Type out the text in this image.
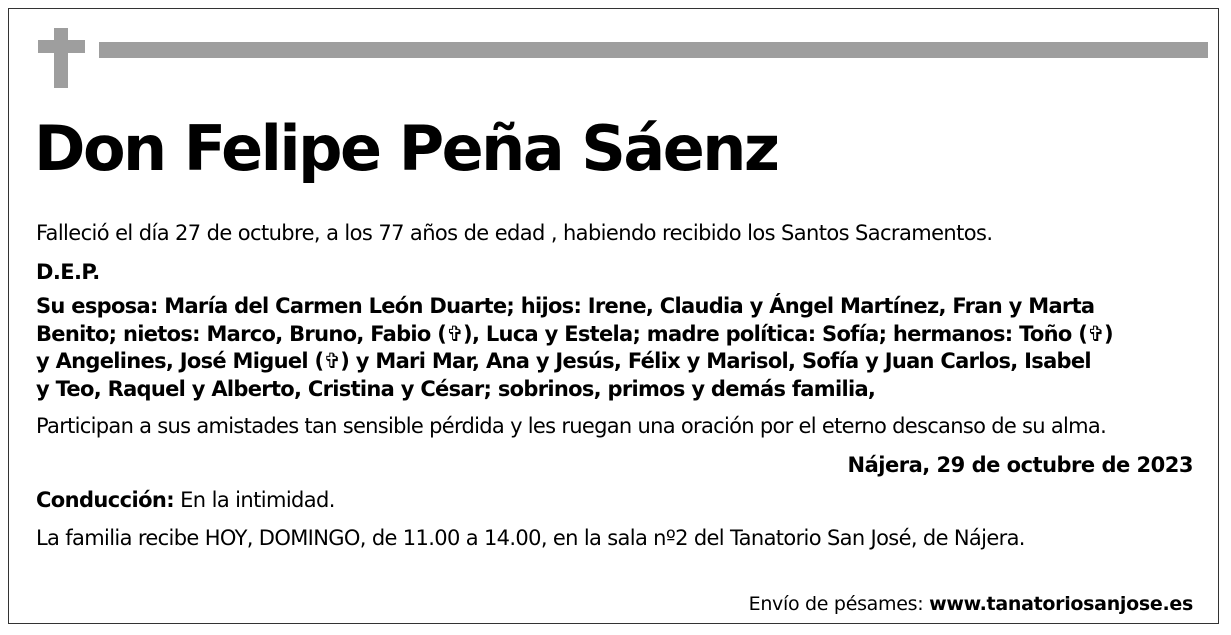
Don Felipe Peña Sáenz
Falleció el día 27 de octubre, a los 77 años de edad , habiendo recibido los Santos Sacramentos.
D.E.P.

Su esposa: María del Carmen León Duarte; hijos: Irene, Claudia y Ángel Martínez, Fran y Marta
Benito; nietos: Marco, Bruno, Fabio (✞), Luca y Estela; madre política: Sofía; hermanos: Toño (✞)
y Angelines, José Miguel (✞) y Mari Mar, Ana y Jesús, Félix y Marisol, Sofía y Juan Carlos, Isabel
y Teo, Raquel y Alberto, Cristina y César; sobrinos, primos y demás familia,

Participan a sus amistades tan sensible pérdida y les ruegan una oración por el eterno descanso de su alma.
Nájera, 29 de octubre de 2023
Conducción: En la intimidad.
La familia recibe HOY, DOMINGO, de 11.00 a 14.00, en la sala nº2 del Tanatorio San José, de Nájera.
Envío de pésames: www.tanatoriosanjose.es
